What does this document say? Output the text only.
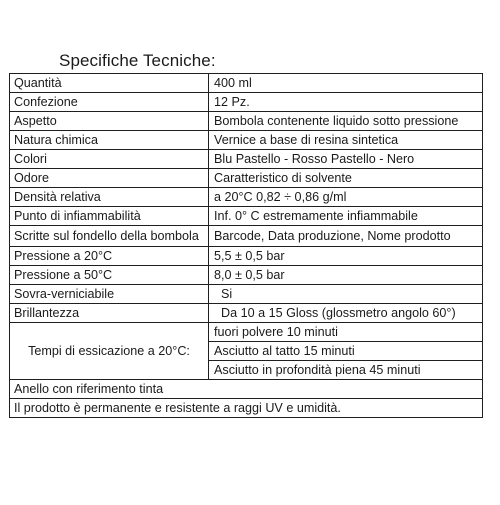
Specifiche Tecniche:
Quantità	400 ml
Confezione	12 Pz.
Aspetto	Bombola contenente liquido sotto pressione
Natura chimica	Vernice a base di resina sintetica
Colori	Blu Pastello - Rosso Pastello - Nero
Odore	Caratteristico di solvente
Densità relativa	a 20°C 0,82 ÷ 0,86 g/ml
Punto di infiammabilità	Inf. 0° C estremamente infiammabile
Scritte sul fondello della bombola	Barcode, Data produzione, Nome prodotto
Pressione a 20°C	5,5 ± 0,5 bar
Pressione a 50°C	8,0 ± 0,5 bar
Sovra-verniciabile	Si
Brillantezza	Da 10 a 15 Gloss (glossmetro angolo 60°)
Tempi di essicazione a 20°C:	fuori polvere 10 minuti
	Asciutto al tatto 15 minuti
	Asciutto in profondità piena 45 minuti
Anello con riferimento tinta	
Il prodotto è permanente e resistente a raggi UV e umidità.	
